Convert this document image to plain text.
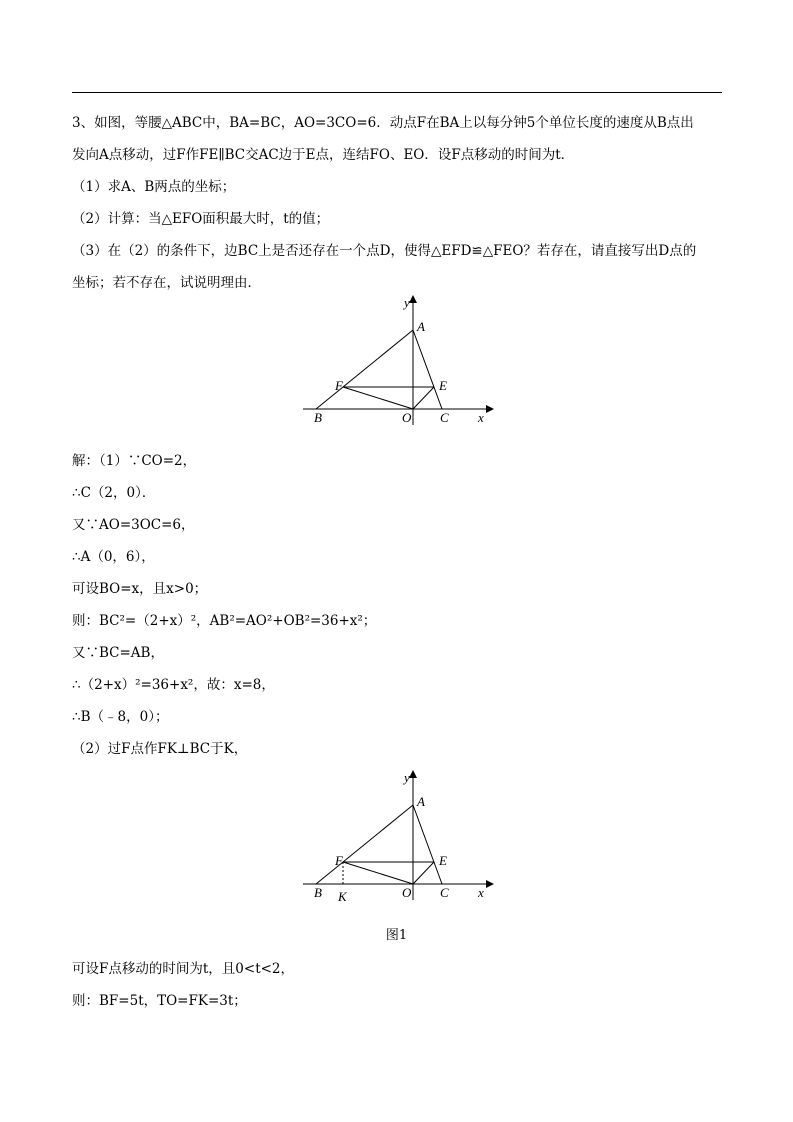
3、如图，等腰△ABC中，BA=BC，AO=3CO=6．动点F在BA上以每分钟5个单位长度的速度从B点出
发向A点移动，过F作FE∥BC交AC边于E点，连结FO、EO．设F点移动的时间为t．
（1）求A、B两点的坐标；
（2）计算：当△EFO面积最大时，t的值；
（3）在（2）的条件下，边BC上是否还存在一个点D，使得△EFD≌△FEO？若存在，请直接写出D点的
坐标；若不存在，试说明理由．
y
x
A
B	C
O
E
F
解：（1）∵CO=2，
∴C（2，0）．
又∵AO=3OC=6，
∴A（0，6），
可设BO=x，且x>0；
则：BC²=（2+x）²，AB²=AO²+OB²=36+x²；
又∵BC=AB，
∴（2+x）²=36+x²，故：x=8，
∴B（﹣8，0）；
（2）过F点作FK⊥BC于K，
y
x
A
B	C
O
E
F
K
图1
可设F点移动的时间为t，且0<t<2，
则：BF=5t，TO=FK=3t；
